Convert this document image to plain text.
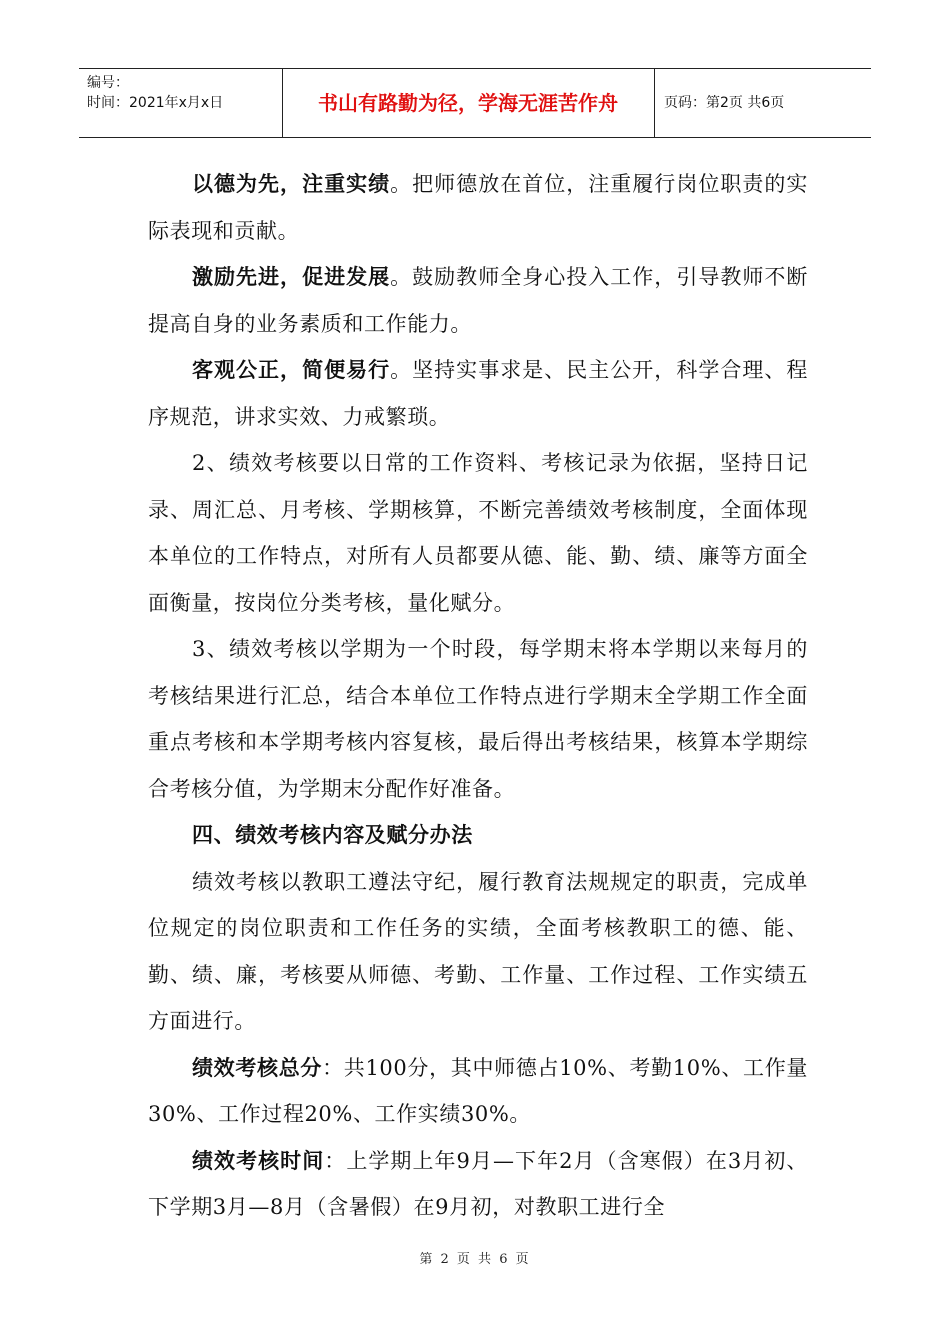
编号：
时间：2021年x月x日	书山有路勤为径，学海无涯苦作舟	页码：第2页 共6页

以德为先，注重实绩。把师德放在首位，注重履行岗位职责的实际表现和贡献。

激励先进，促进发展。鼓励教师全身心投入工作，引导教师不断提高自身的业务素质和工作能力。

客观公正，简便易行。坚持实事求是、民主公开，科学合理、程序规范，讲求实效、力戒繁琐。

2、绩效考核要以日常的工作资料、考核记录为依据，坚持日记录、周汇总、月考核、学期核算，不断完善绩效考核制度，全面体现本单位的工作特点，对所有人员都要从德、能、勤、绩、廉等方面全面衡量，按岗位分类考核，量化赋分。

3、绩效考核以学期为一个时段，每学期末将本学期以来每月的考核结果进行汇总，结合本单位工作特点进行学期末全学期工作全面重点考核和本学期考核内容复核，最后得出考核结果，核算本学期综合考核分值，为学期末分配作好准备。

四、绩效考核内容及赋分办法

绩效考核以教职工遵法守纪，履行教育法规规定的职责，完成单位规定的岗位职责和工作任务的实绩，全面考核教职工的德、能、勤、绩、廉，考核要从师德、考勤、工作量、工作过程、工作实绩五方面进行。

绩效考核总分：共100分，其中师德占10%、考勤10%、工作量30%、工作过程20%、工作实绩30%。

绩效考核时间：上学期上年9月—下年2月（含寒假）在3月初、下学期3月—8月（含暑假）在9月初，对教职工进行全

第 2 页 共 6 页
